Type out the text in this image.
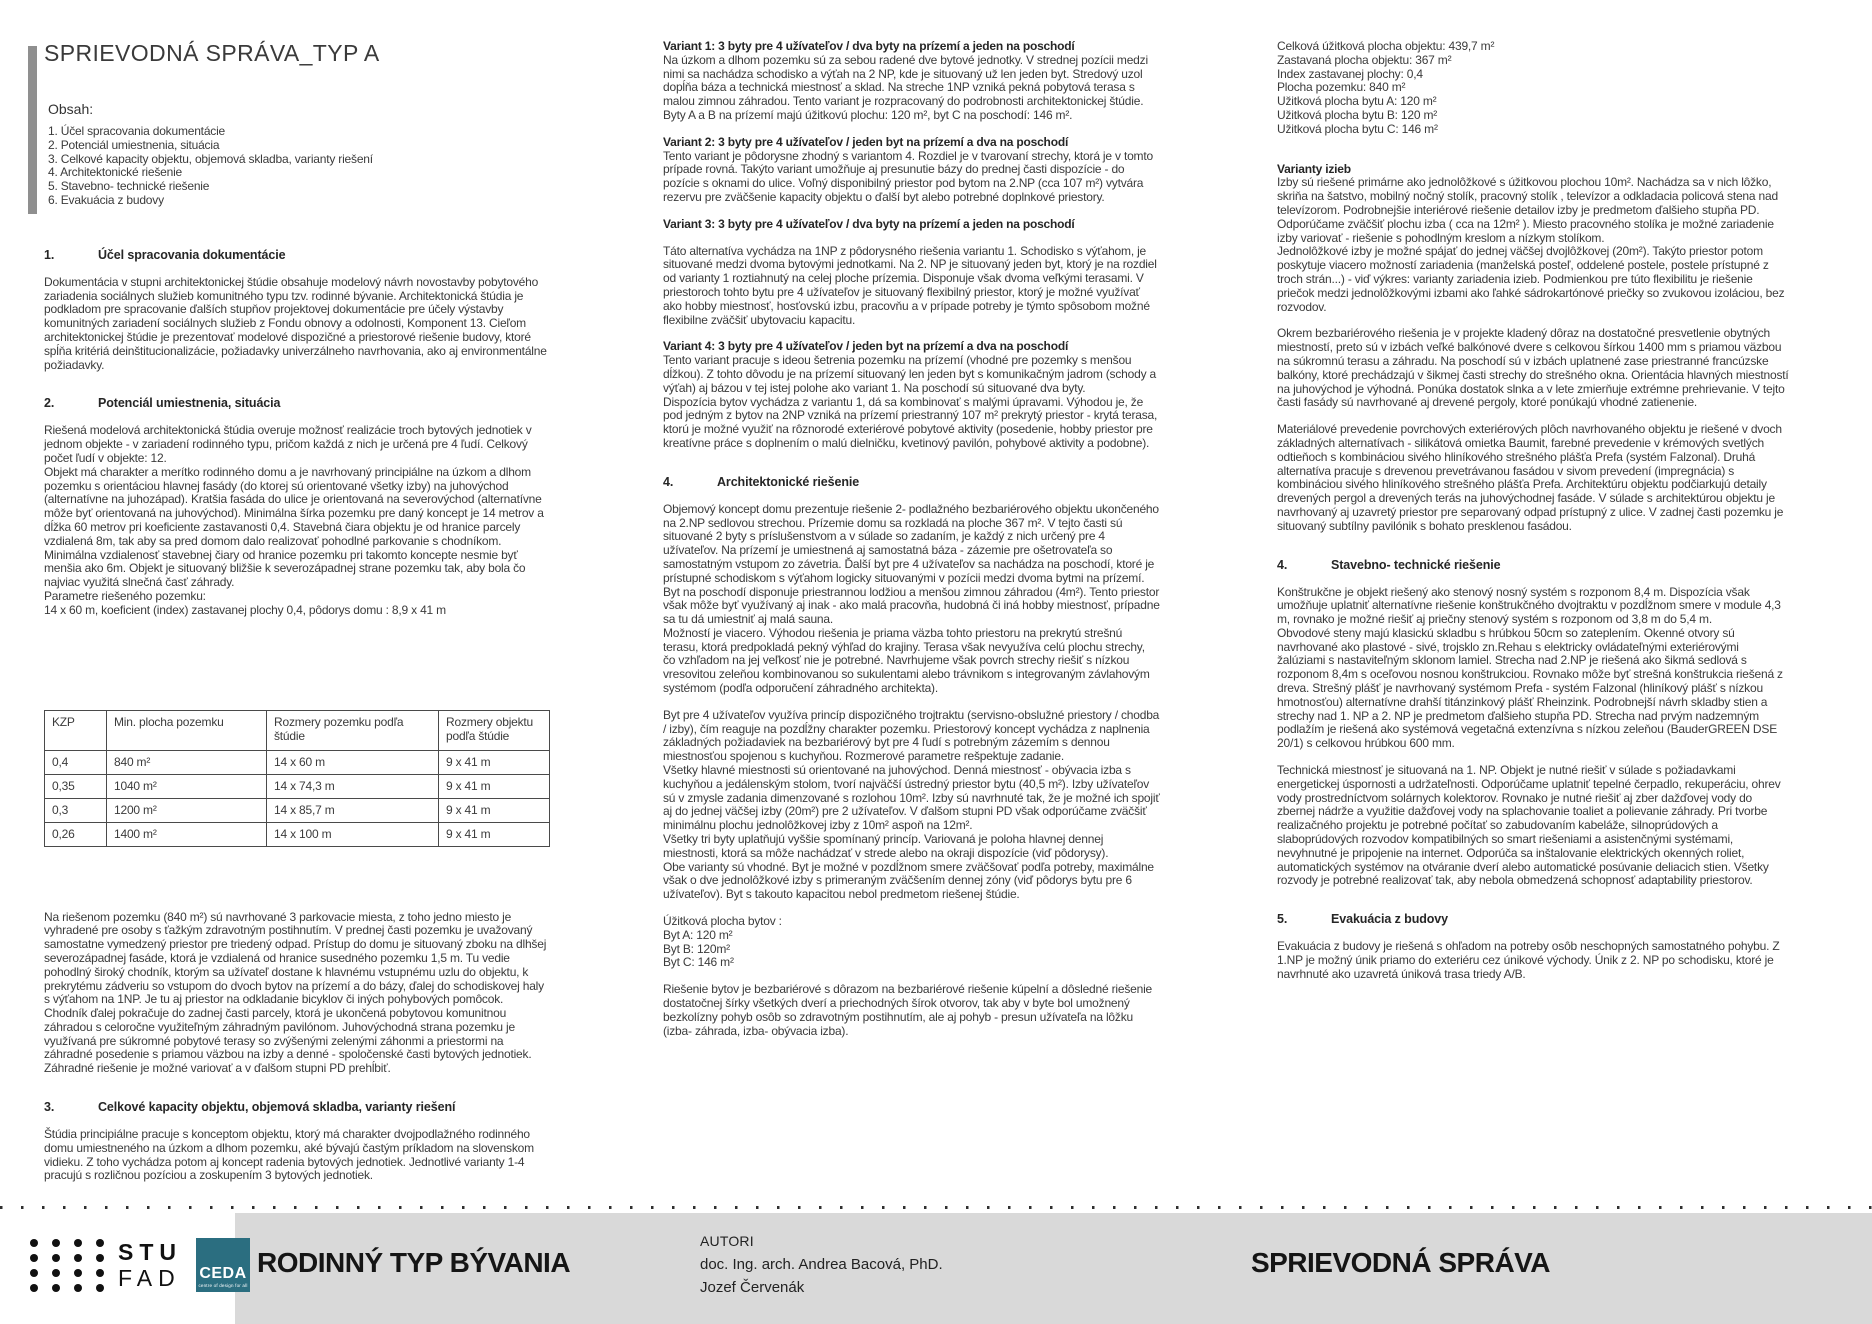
SPRIEVODNÁ SPRÁVA_TYP A
Obsah:

1. Účel spracovania dokumentácie

2. Potenciál umiestnenia, situácia

3. Celkové kapacity objektu, objemová skladba, varianty riešení

4. Architektonické riešenie

5. Stavebno- technické riešenie

6. Evakuácia z budovy

1.	Účel spracovania dokumentácie

Dokumentácia v stupni architektonickej štúdie obsahuje modelový návrh novostavby pobytového zariadenia sociálnych služieb komunitného typu tzv. rodinné bývanie. Architektonická štúdia je podkladom pre spracovanie ďalších stupňov projektovej dokumentácie pre účely výstavby komunitných zariadení sociálnych služieb z Fondu obnovy a odolnosti, Komponent 13. Cieľom architektonickej štúdie je prezentovať modelové dispozičné a priestorové riešenie budovy, ktoré spĺňa kritériá deinštitucionalizácie, požiadavky univerzálneho navrhovania, ako aj environmentálne požiadavky.

2.	Potenciál umiestnenia, situácia

Riešená modelová architektonická štúdia overuje možnosť realizácie troch bytových jednotiek v jednom objekte - v zariadení rodinného typu, pričom každá z nich je určená pre 4 ľudí. Celkový počet ľudí v objekte: 12.

Objekt má charakter a merítko rodinného domu a je navrhovaný principiálne na úzkom a dlhom pozemku s orientáciou hlavnej fasády (do ktorej sú orientované všetky izby) na juhovýchod (alternatívne na juhozápad). Kratšia fasáda do ulice je orientovaná na severovýchod (alternatívne môže byť orientovaná na juhovýchod). Minimálna šírka pozemku pre daný koncept je 14 metrov a dĺžka 60 metrov pri koeficiente zastavanosti 0,4. Stavebná čiara objektu je od hranice parcely vzdialená 8m, tak aby sa pred domom dalo realizovať pohodlné parkovanie s chodníkom. Minimálna vzdialenosť stavebnej čiary od hranice pozemku pri takomto koncepte nesmie byť menšia ako 6m. Objekt je situovaný bližšie k severozápadnej strane pozemku tak, aby bola čo najviac využitá slnečná časť záhrady.

Parametre riešeného pozemku:

14 x 60 m, koeficient (index) zastavanej plochy 0,4, pôdorys domu : 8,9 x 41 m

KZP	Min. plocha pozemku	Rozmery pozemku podľa štúdie	Rozmery objektu podľa štúdie
0,4	840 m²	14 x 60 m	9 x 41 m
0,35	1040 m²	14 x 74,3 m	9 x 41 m
0,3	1200 m²	14 x 85,7 m	9 x 41 m
0,26	1400 m²	14 x 100 m	9 x 41 m

Na riešenom pozemku (840 m²) sú navrhované 3 parkovacie miesta, z toho jedno miesto je vyhradené pre osoby s ťažkým zdravotným postihnutím. V prednej časti pozemku je uvažovaný samostatne vymedzený priestor pre triedený odpad. Prístup do domu je situovaný zboku na dlhšej severozápadnej fasáde, ktorá je vzdialená od hranice susedného pozemku 1,5 m. Tu vedie pohodlný široký chodník, ktorým sa užívateľ dostane k hlavnému vstupnému uzlu do objektu, k prekrytému zádveriu so vstupom do dvoch bytov na prízemí a do bázy, ďalej do schodiskovej haly s výťahom na 1NP. Je tu aj priestor na odkladanie bicyklov či iných pohybových pomôcok. Chodník ďalej pokračuje do zadnej časti parcely, ktorá je ukončená pobytovou komunitnou záhradou s celoročne využiteľným záhradným pavilónom. Juhovýchodná strana pozemku je využívaná pre súkromné pobytové terasy so zvýšenými zelenými záhonmi a priestormi na záhradné posedenie s priamou väzbou na izby a denné - spoločenské časti bytových jednotiek. Záhradné riešenie je možné variovať a v ďalšom stupni PD prehĺbiť.

3.	Celkové kapacity objektu, objemová skladba, varianty riešení

Štúdia principiálne pracuje s konceptom objektu, ktorý má charakter dvojpodlažného rodinného domu umiestneného na úzkom a dlhom pozemku, aké bývajú častým príkladom na slovenskom vidieku. Z toho vychádza potom aj koncept radenia bytových jednotiek. Jednotlivé varianty 1-4 pracujú s rozličnou pozíciou a zoskupením 3 bytových jednotiek.

Variant 1: 3 byty pre 4 užívateľov / dva byty na prízemí a jeden na poschodí

Na úzkom a dlhom pozemku sú za sebou radené dve bytové jednotky. V strednej pozícii medzi nimi sa nachádza schodisko a výťah na 2 NP, kde je situovaný už len jeden byt. Stredový uzol dopĺňa báza a technická miestnosť a sklad. Na streche 1NP vzniká pekná pobytová terasa s malou zimnou záhradou. Tento variant je rozpracovaný do podrobnosti architektonickej štúdie.

Byty A a B na prízemí majú úžitkovú plochu: 120 m², byt C na poschodí: 146 m².

Variant 2: 3 byty pre 4 užívateľov / jeden byt na prízemí a dva na poschodí

Tento variant je pôdorysne zhodný s variantom 4. Rozdiel je v tvarovaní strechy, ktorá je v tomto prípade rovná. Takýto variant umožňuje aj presunutie bázy do prednej časti dispozície - do pozície s oknami do ulice. Voľný disponibilný priestor pod bytom na 2.NP (cca 107 m²) vytvára rezervu pre zväčšenie kapacity objektu o ďalší byt alebo potrebné doplnkové priestory.

Variant 3: 3 byty pre 4 užívateľov / dva byty na prízemí a jeden na poschodí

Táto alternatíva vychádza na 1NP z pôdorysného riešenia variantu 1. Schodisko s výťahom, je situované medzi dvoma bytovými jednotkami. Na 2. NP je situovaný jeden byt, ktorý je na rozdiel od varianty 1 roztiahnutý na celej ploche prízemia. Disponuje však dvoma veľkými terasami. V priestoroch tohto bytu pre 4 užívateľov je situovaný flexibilný priestor, ktorý je možné využívať ako hobby miestnosť, hosťovskú izbu, pracovňu a v prípade potreby je týmto spôsobom možné flexibilne zväčšiť ubytovaciu kapacitu.

Variant 4: 3 byty pre 4 užívateľov / jeden byt na prízemí a dva na poschodí

Tento variant pracuje s ideou šetrenia pozemku na prízemí (vhodné pre pozemky s menšou dĺžkou). Z tohto dôvodu je na prízemí situovaný len jeden byt s komunikačným jadrom (schody a výťah) aj bázou v tej istej polohe ako variant 1. Na poschodí sú situované dva byty.

Dispozícia bytov vychádza z variantu 1, dá sa kombinovať s malými úpravami. Výhodou je, že pod jedným z bytov na 2NP vzniká na prízemí priestranný 107 m² prekrytý priestor - krytá terasa, ktorú je možné využiť na rôznorodé exteriérové pobytové aktivity (posedenie, hobby priestor pre kreatívne práce s doplnením o malú dielničku, kvetinový pavilón, pohybové aktivity a podobne).

4.	Architektonické riešenie

Objemový koncept domu prezentuje riešenie 2- podlažného bezbariérového objektu ukončeného na 2.NP sedlovou strechou. Prízemie domu sa rozkladá na ploche 367 m². V tejto časti sú situované 2 byty s príslušenstvom a v súlade so zadaním, je každý z nich určený pre 4 užívateľov. Na prízemí je umiestnená aj samostatná báza - zázemie pre ošetrovateľa so samostatným vstupom zo závetria. Ďalší byt pre 4 užívateľov sa nachádza na poschodí, ktoré je prístupné schodiskom s výťahom logicky situovanými v pozícii medzi dvoma bytmi na prízemí. Byt na poschodí disponuje priestrannou lodžiou a menšou zimnou záhradou (4m²). Tento priestor však môže byť využívaný aj inak - ako malá pracovňa, hudobná či iná hobby miestnosť, prípadne sa tu dá umiestniť aj malá sauna.

Možností je viacero. Výhodou riešenia je priama väzba tohto priestoru na prekrytú strešnú terasu, ktorá predpokladá pekný výhľad do krajiny. Terasa však nevyužíva celú plochu strechy, čo vzhľadom na jej veľkosť nie je potrebné. Navrhujeme však povrch strechy riešiť s nízkou vresovitou zeleňou kombinovanou so sukulentami alebo trávnikom s integrovaným závlahovým systémom (podľa odporučení záhradného architekta).

Byt pre 4 užívateľov využíva princíp dispozičného trojtraktu (servisno-obslužné priestory / chodba / izby), čím reaguje na pozdĺžny charakter pozemku. Priestorový koncept vychádza z naplnenia základných požiadaviek na bezbariérový byt pre 4 ľudí s potrebným zázemím s dennou miestnosťou spojenou s kuchyňou. Rozmerové parametre rešpektuje zadanie.

Všetky hlavné miestnosti sú orientované na juhovýchod. Denná miestnosť - obývacia izba s kuchyňou a jedálenským stolom, tvorí najväčší ústredný priestor bytu (40,5 m²). Izby užívateľov sú v zmysle zadania dimenzované s rozlohou 10m². Izby sú navrhnuté tak, že je možné ich spojiť aj do jednej väčšej izby (20m²) pre 2 užívateľov. V ďalšom stupni PD však odporúčame zväčšiť minimálnu plochu jednolôžkovej izby z 10m² aspoň na 12m².

Všetky tri byty uplatňujú vyššie spomínaný princíp. Variovaná je poloha hlavnej dennej miestnosti, ktorá sa môže nachádzať v strede alebo na okraji dispozície (viď pôdorysy).

Obe varianty sú vhodné. Byt je možné v pozdĺžnom smere zväčšovať podľa potreby, maximálne však o dve jednolôžkové izby s primeraným zväčšením dennej zóny (viď pôdorys bytu pre 6 užívateľov). Byt s takouto kapacitou nebol predmetom riešenej štúdie.

Úžitková plocha bytov :

Byt A: 120 m²

Byt B: 120m²

Byt C: 146 m²

Riešenie bytov je bezbariérové s dôrazom na bezbariérové riešenie kúpelní a dôsledné riešenie dostatočnej šírky všetkých dverí a priechodných šírok otvorov, tak aby v byte bol umožnený bezkolízny pohyb osôb so zdravotným postihnutím, ale aj pohyb - presun užívateľa na lôžku (izba- záhrada, izba- obývacia izba).

Celková úžitková plocha objektu: 439,7 m²

Zastavaná plocha objektu: 367 m²

Index zastavanej plochy: 0,4

Plocha pozemku: 840 m²

Užitková plocha bytu A: 120 m²

Užitková plocha bytu B: 120 m²

Užitková plocha bytu C: 146 m²

Varianty izieb

Izby sú riešené primárne ako jednolôžkové s úžitkovou plochou 10m². Nachádza sa v nich lôžko, skriňa na šatstvo, mobilný nočný stolík, pracovný stolík , televízor a odkladacia policová stena nad televízorom. Podrobnejšie interiérové riešenie detailov izby je predmetom ďalšieho stupňa PD. Odporúčame zväčšiť plochu izba ( cca na 12m² ). Miesto pracovného stolíka je možné zariadenie izby variovať - riešenie s pohodlným kreslom a nízkym stolíkom.

Jednolôžkové izby je možné spájať do jednej väčšej dvojlôžkovej (20m²). Takýto priestor potom poskytuje viacero možností zariadenia (manželská posteľ, oddelené postele, postele prístupné z troch strán...) - viď výkres: varianty zariadenia izieb. Podmienkou pre túto flexibilitu je riešenie priečok medzi jednolôžkovými izbami ako ľahké sádrokartónové priečky so zvukovou izoláciou, bez rozvodov.

Okrem bezbariérového riešenia je v projekte kladený dôraz na dostatočné presvetlenie obytných miestností, preto sú v izbách veľké balkónové dvere s celkovou šírkou 1400 mm s priamou väzbou na súkromnú terasu a záhradu. Na poschodí sú v izbách uplatnené zase priestranné francúzske balkóny, ktoré prechádzajú v šikmej časti strechy do strešného okna. Orientácia hlavných miestností na juhovýchod je výhodná. Ponúka dostatok slnka a v lete zmierňuje extrémne prehrievanie. V tejto časti fasády sú navrhované aj drevené pergoly, ktoré ponúkajú vhodné zatienenie.

Materiálové prevedenie povrchových exteriérových plôch navrhovaného objektu je riešené v dvoch základných alternatívach - silikátová omietka Baumit, farebné prevedenie v krémových svetlých odtieňoch s kombináciou sivého hliníkového strešného plášťa Prefa (systém Falzonal). Druhá alternatíva pracuje s drevenou prevetrávanou fasádou v sivom prevedení (impregnácia) s kombináciou sivého hliníkového strešného plášťa Prefa. Architektúru objektu podčiarkujú detaily drevených pergol a drevených terás na juhovýchodnej fasáde. V súlade s architektúrou objektu je navrhovaný aj uzavretý priestor pre separovaný odpad prístupný z ulice. V zadnej časti pozemku je situovaný subtílny pavilónik s bohato presklenou fasádou.

4.	Stavebno- technické riešenie

Konštrukčne je objekt riešený ako stenový nosný systém s rozponom 8,4 m. Dispozícia však umožňuje uplatniť alternatívne riešenie konštrukčného dvojtraktu v pozdĺžnom smere v module 4,3 m, rovnako je možné riešiť aj priečny stenový systém s rozponom od 3,8 m do 5,4 m.

Obvodové steny majú klasickú skladbu s hrúbkou 50cm so zateplením. Okenné otvory sú navrhované ako plastové - sivé, trojsklo zn.Rehau s elektricky ovládateľnými exteriérovými žalúziami s nastaviteľným sklonom lamiel. Strecha nad 2.NP je riešená ako šikmá sedlová s rozponom 8,4m s oceľovou nosnou konštrukciou. Rovnako môže byť strešná konštrukcia riešená z dreva. Strešný plášť je navrhovaný systémom Prefa - systém Falzonal (hliníkový plášť s nízkou hmotnosťou) alternatívne drahší titánzinkový plášť Rheinzink. Podrobnejší návrh skladby stien a strechy nad 1. NP a 2. NP je predmetom ďalšieho stupňa PD. Strecha nad prvým nadzemným podlažím je riešená ako systémová vegetačná extenzívna s nízkou zeleňou (BauderGREEN DSE 20/1) s celkovou hrúbkou 600 mm.

Technická miestnosť je situovaná na 1. NP. Objekt je nutné riešiť v súlade s požiadavkami energetickej úspornosti a udržateľnosti. Odporúčame uplatniť tepelné čerpadlo, rekuperáciu, ohrev vody prostredníctvom solárnych kolektorov. Rovnako je nutné riešiť aj zber dažďovej vody do zbernej nádrže a využitie dažďovej vody na splachovanie toaliet a polievanie záhrady. Pri tvorbe realizačného projektu je potrebné počítať so zabudovaním kabeláže, silnoprúdových a slaboprúdových rozvodov kompatibilných so smart riešeniami a asistenčnými systémami, nevyhnutné je pripojenie na internet. Odporúča sa inštalovanie elektrických okenných roliet, automatických systémov na otváranie dverí alebo automatické posúvanie deliacich stien. Všetky rozvody je potrebné realizovať tak, aby nebola obmedzená schopnosť adaptability priestorov.

5.	Evakuácia z budovy

Evakuácia z budovy je riešená s ohľadom na potreby osôb neschopných samostatného pohybu. Z 1.NP je možný únik priamo do exteriéru cez únikové východy. Únik z 2. NP po schodisku, ktoré je navrhnuté ako uzavretá úniková trasa triedy A/B.

RODINNÝ TYP BÝVANIA

AUTORI

doc. Ing. arch. Andrea Bacová, PhD.

Jozef Červenák

SPRIEVODNÁ SPRÁVA
STU
FAD CEDA
centre of design for all
